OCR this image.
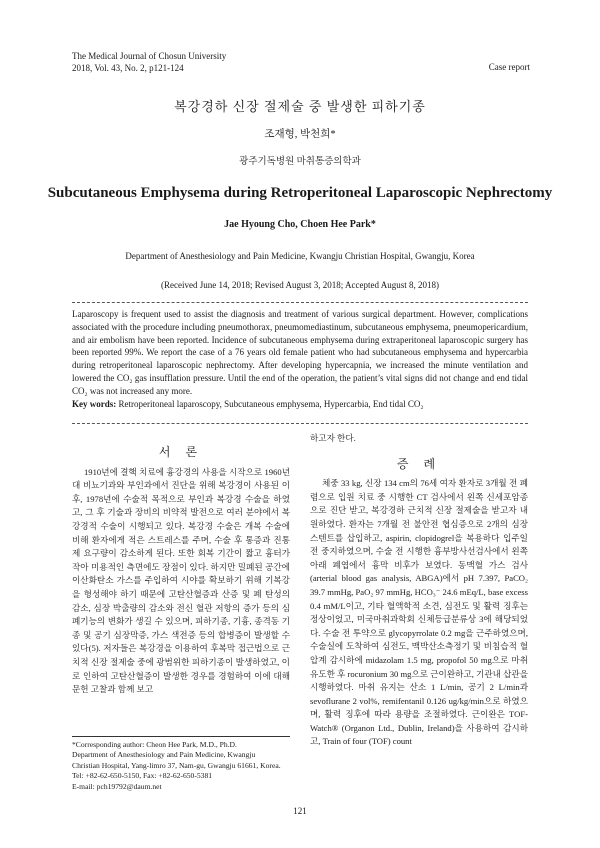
The Medical Journal of Chosun University
2018, Vol. 43, No. 2, p121-124	Case report
복강경하 신장 절제술 중 발생한 피하기종
조재형, 박천희*
광주기독병원 마취통증의학과
Subcutaneous Emphysema during Retroperitoneal Laparoscopic Nephrectomy
Jae Hyoung Cho, Choen Hee Park*
Department of Anesthesiology and Pain Medicine, Kwangju Christian Hospital, Gwangju, Korea
(Received June 14, 2018; Revised August 3, 2018; Accepted August 8, 2018)
Laparoscopy is frequent used to assist the diagnosis and treatment of various surgical department. However, complications associated with the procedure including pneumothorax, pneumomediastinum, subcutaneous emphysema, pneumopericardium, and air embolism have been reported. Incidence of subcutaneous emphysema during extraperitoneal laparoscopic surgery has been reported 99%. We report the case of a 76 years old female patient who had subcutaneous emphysema and hypercarbia during retroperitoneal laparoscopic nephrectomy. After developing hypercapnia, we increased the minute ventilation and lowered the CO₂ gas insufflation pressure. Until the end of the operation, the patient’s vital signs did not change and end tidal CO₂ was not increased any more.
Key words: Retroperitoneal laparoscopy, Subcutaneous emphysema, Hypercarbia, End tidal CO₂
서 론

1910년에 결핵 치료에 흉강경의 사용을 시작으로 1960년대 비뇨기과와 부인과에서 진단을 위해 복강경이 사용된 이후, 1978년에 수술적 목적으로 부인과 복강경 수술을 하였고, 그 후 기술과 장비의 비약적 발전으로 여러 분야에서 복강경적 수술이 시행되고 있다. 복강경 수술은 개복 수술에 비해 환자에게 적은 스트레스를 주며, 수술 후 통증과 진통제 요구량이 감소하게 된다. 또한 회복 기간이 짧고 흉터가 작아 미용적인 측면에도 장점이 있다. 하지만 밀폐된 공간에 이산화탄소 가스를 주입하여 시야를 확보하기 위해 기복강을 형성해야 하기 때문에 고탄산혈증과 산증 및 폐 탄성의 감소, 심장 박출량의 감소와 전신 혈관 저항의 증가 등의 심폐기능의 변화가 생길 수 있으며, 피하기종, 기흉, 종격동 기종 및 공기 심장막증, 가스 색전증 등의 합병증이 발생할 수 있다(5). 저자들은 복강경을 이용하여 후복막 접근법으로 근치적 신장 절제술 중에 광범위한 피하기종이 발생하였고, 이로 인하여 고탄산혈증이 발생한 경우를 경험하여 이에 대해 문헌 고찰과 함께 보고

하고자 한다.
증 례

체중 33 kg, 신장 134 cm의 76세 여자 환자로 3개월 전 폐렴으로 입원 치료 중 시행한 CT 검사에서 왼쪽 신세포암종으로 진단 받고, 복강경하 근치적 신장 절제술을 받고자 내원하였다. 환자는 7개월 전 불안전 협심증으로 2개의 심장 스텐트를 삽입하고, aspirin, clopidogrel을 복용하다 입주일 전 중지하였으며, 수술 전 시행한 흉부방사선검사에서 왼쪽 아래 폐엽에서 흉막 비후가 보였다. 동맥혈 가스 검사(arterial blood gas analysis, ABGA)에서 pH 7.397, PaCO₂ 39.7 mmHg, PaO₂ 97 mmHg, HCO₃⁻ 24.6 mEq/L, base excess 0.4 mM/L이고, 기타 혈액학적 소견, 심전도 및 활력 징후는 정상이었고, 미국마취과학회 신체등급분류상 3에 해당되었다. 수술 전 투약으로 glycopyrrolate 0.2 mg을 근주하였으며, 수술실에 도착하여 심전도, 맥박산소측정기 및 비침습적 혈압계 감시하에 midazolam 1.5 mg, propofol 50 mg으로 마취유도한 후 rocuronium 30 mg으로 근이완하고, 기관내 삽관을 시행하였다. 마취 유지는 산소 1 L/min, 공기 2 L/min과 sevoflurane 2 vol%, remifentanil 0.126 ug/kg/min으로 하였으며, 활력 징후에 따라 용량을 조절하였다. 근이완은 TOF-Watch® (Organon Ltd., Dublin, Ireland)을 사용하여 감시하고, Train of four (TOF) count

*Corresponding author: Cheon Hee Park, M.D., Ph.D.
Department of Anesthesiology and Pain Medicine, Kwangju
Christian Hospital, Yang-limro 37, Nam-gu, Gwangju 61661, Korea.
Tel: +82-62-650-5150, Fax: +82-62-650-5381
E-mail: pch19792@daum.net
121
